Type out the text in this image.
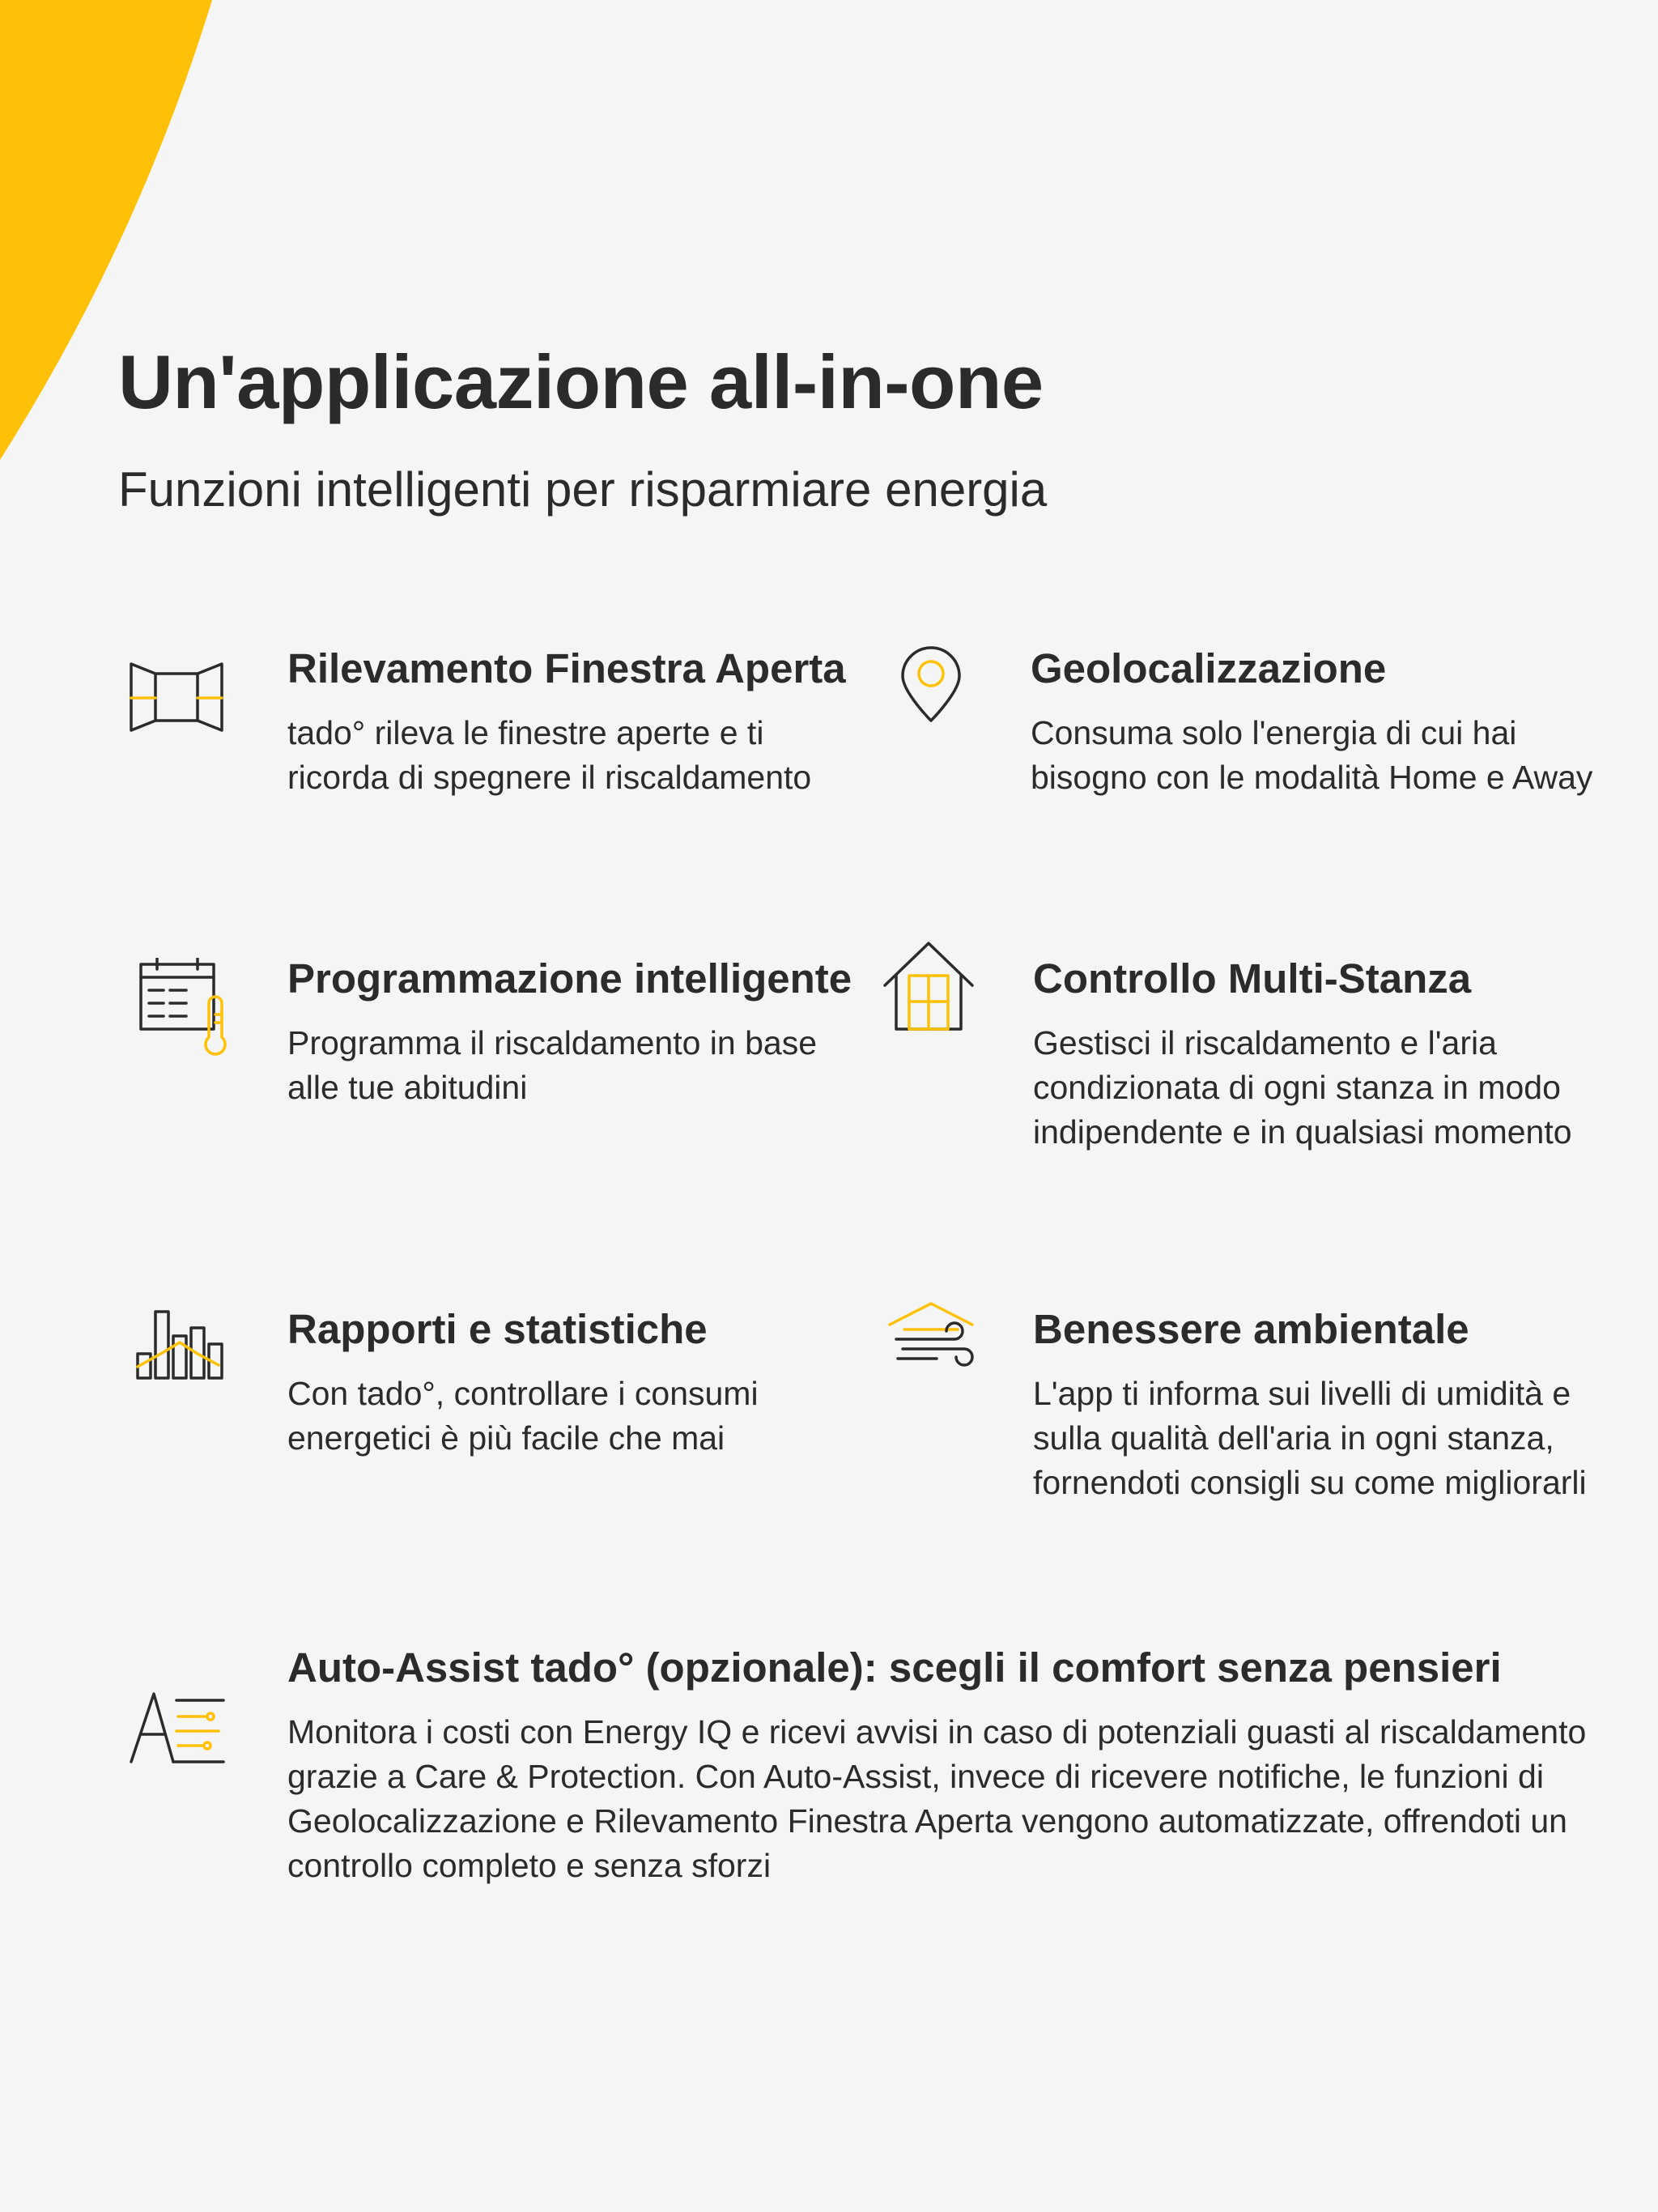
Un'applicazione all-in-one

Funzioni intelligenti per risparmiare energia

Rilevamento Finestra Aperta

tado° rileva le finestre aperte e ti ricorda di spegnere il riscaldamento

Geolocalizzazione

Consuma solo l'energia di cui hai bisogno con le modalità Home e Away

Programmazione intelligente

Programma il riscaldamento in base alle tue abitudini

Controllo Multi-Stanza

Gestisci il riscaldamento e l'aria condizionata di ogni stanza in modo indipendente e in qualsiasi momento

Rapporti e statistiche

Con tado°, controllare i consumi energetici è più facile che mai

Benessere ambientale

L'app ti informa sui livelli di umidità e sulla qualità dell'aria in ogni stanza, fornendoti consigli su come migliorarli

Auto-Assist tado° (opzionale): scegli il comfort senza pensieri

Monitora i costi con Energy IQ e ricevi avvisi in caso di potenziali guasti al riscaldamento grazie a Care & Protection. Con Auto-Assist, invece di ricevere notifiche, le funzioni di Geolocalizzazione e Rilevamento Finestra Aperta vengono automatizzate, offrendoti un controllo completo e senza sforzi
